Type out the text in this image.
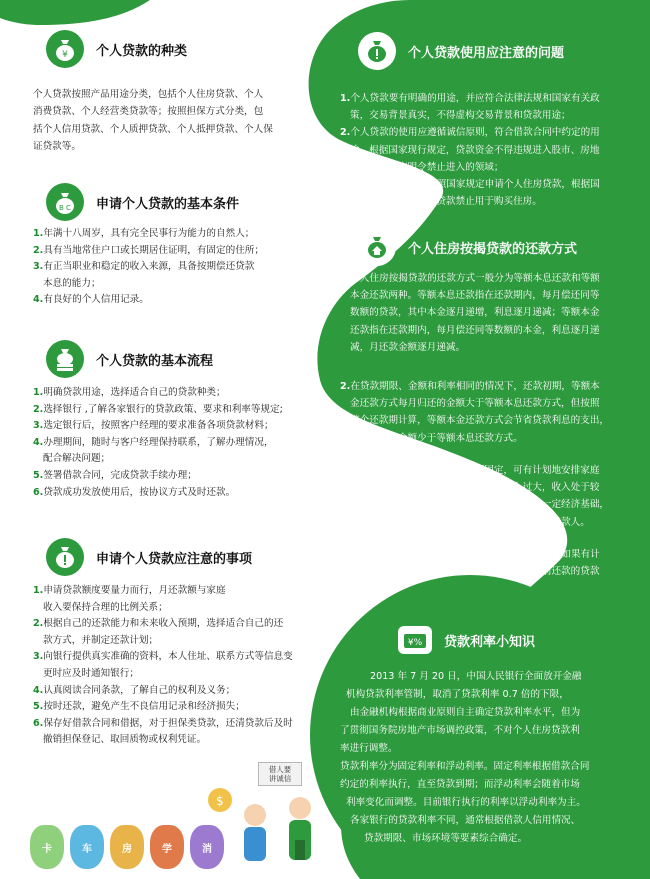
¥ 个人贷款的种类
个人贷款按照产品用途分类，包括个人住房贷款、个人
消费贷款、个人经营类贷款等；按照担保方式分类，包
括个人信用贷款、个人质押贷款、个人抵押贷款、个人保
证贷款等。
B C 申请个人贷款的基本条件
1.年满十八周岁，具有完全民事行为能力的自然人；
2.具有当地常住户口或长期居住证明，有固定的住所；
3.有正当职业和稳定的收入来源，具备按期偿还贷款
本息的能力；
4.有良好的个人信用记录。
个人贷款的基本流程
1.明确贷款用途，选择适合自己的贷款种类；
2.选择银行 ,了解各家银行的贷款政策、要求和利率等规定;
3.选定银行后，按照客户经理的要求准备各项贷款材料；
4.办理期间，随时与客户经理保持联系，了解办理情况，
配合解决问题；
5.签署借款合同，完成贷款手续办理；
6.贷款成功发放使用后，按协议方式及时还款。
申请个人贷款应注意的事项
1.申请贷款额度要量力而行，月还款额与家庭
收入要保持合理的比例关系；
2.根据自己的还款能力和未来收入预期，选择适合自己的还
款方式，并制定还款计划；
3.向银行提供真实准确的资料，本人住址、联系方式等信息变
更时应及时通知银行；
4.认真阅读合同条款，了解自己的权利及义务；
5.按时还款，避免产生不良信用记录和经济损失；
6.保存好借款合同和借据，对于担保类贷款，还清贷款后及时
撤销担保登记、取回质物或权利凭证。
卡	车	房	学	消
$
借人要
讲诚信
个人贷款使用应注意的问题
1.个人贷款要有明确的用途，并应符合法律法规和国家有关政
策，交易背景真实，不得虚构交易背景和贷款用途；
2.个人贷款的使用应遵循诚信原则，符合借款合同中约定的用
途，根据国家现行规定，贷款资金不得违规进入股市、房地
产开发等国家明令禁止进入的领域；
3.贷款购买住房，应按照国家规定申请个人住房贷款，根据国
家现行规定，消费性贷款禁止用于购买住房。
个人住房按揭贷款的还款方式
1.个人住房按揭贷款的还款方式一般分为等额本息还款和等额
本金还款两种。等额本息还款指在还款期内，每月偿还同等
数额的贷款，其中本金逐月递增，利息逐月递减；等额本金
还款指在还款期内，每月偿还同等数额的本金，利息逐月递
减，月还款金额逐月递减。
2.在贷款期限、金额和利率相同的情况下，还款初期，等额本
金还款方式每月归还的金额大于等额本息还款方式，但按照
整个还款期计算，等额本金还款方式会节省贷款利息的支出，
还款支付总金额少于等额本息还款方式。
等额本息还款方式每月还款金额固定，可有计划地安排家庭
支出，适合经济条件不允许前期还款投入过大，收入处于较
稳定状态的借款人；等额本金还款方式适合有一定经济基础，
能承担前期较大还款压力，且有提前还款计划的借款人。
3.不同银行对于提前还款的要求、约束与规定不同，如果有计
划、有能力提前还款，在贷款时应关注有关提前还款的贷款
合同内容。
¥% 贷款利率小知识
2013 年 7 月 20 日，中国人民银行全面放开金融
机构贷款利率管制，取消了贷款利率 0.7 倍的下限，
由金融机构根据商业原则自主确定贷款利率水平，但为
了贯彻国务院房地产市场调控政策，不对个人住房贷款利
率进行调整。
贷款利率分为固定利率和浮动利率。固定利率根据借款合同
约定的利率执行，直至贷款到期；而浮动利率会随着市场
利率变化而调整。目前银行执行的利率以浮动利率为主。
各家银行的贷款利率不同，通常根据借款人信用情况、
贷款期限、市场环境等要素综合确定。
